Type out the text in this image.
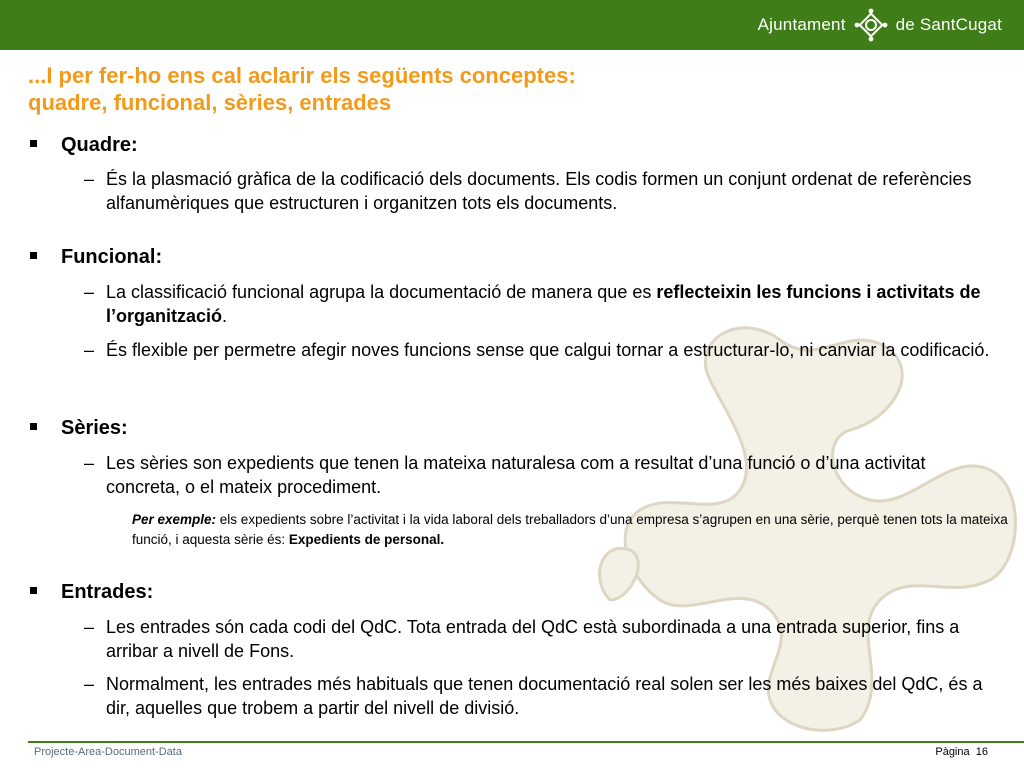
Ajuntament	de SantCugat
...I per fer-ho ens cal aclarir els següents conceptes:
quadre, funcional, sèries, entrades
Quadre:
– És la plasmació gràfica de la codificació dels documents. Els codis formen un conjunt ordenat de referències alfanumèriques que estructuren i organitzen tots els documents.
Funcional:
– La classificació funcional agrupa la documentació de manera que es reflecteixin les funcions i activitats de l’organització.
– És flexible per permetre afegir noves funcions sense que calgui tornar a estructurar-lo, ni canviar la codificació.
Sèries:
– Les sèries son expedients que tenen la mateixa naturalesa com a resultat d’una funció o d’una activitat concreta, o el mateix procediment.
Per exemple: els expedients sobre l’activitat i la vida laboral dels treballadors d’una empresa s’agrupen en una sèrie, perquè tenen tots la mateixa funció, i aquesta sèrie és: Expedients de personal.
Entrades:
– Les entrades són cada codi del QdC. Tota entrada del QdC està subordinada a una entrada superior, fins a arribar a nivell de Fons.
– Normalment, les entrades més habituals que tenen documentació real solen ser les més baixes del QdC, és a dir, aquelles que trobem a partir del nivell de divisió.
Projecte-Area-Document-Data	Pàgina 16
